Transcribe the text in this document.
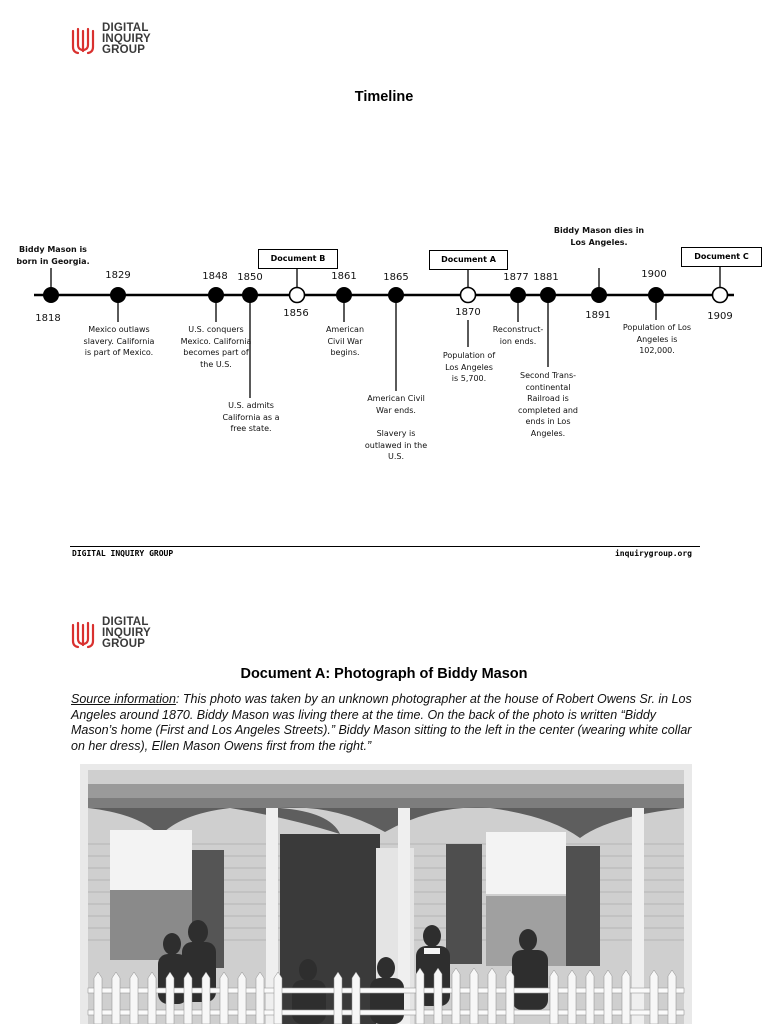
DIGITAL
INQUIRY
GROUP
Timeline
1818
1829	1848 1850
1856
1861	1865
1870
1877 1881
1891
1900
1909
Biddy Mason is born in Georgia.
Mexico outlaws slavery. California is part of Mexico.
U.S. conquers Mexico. California becomes part of the U.S.
U.S. admits California as a free state.
American Civil War begins.
American Civil War ends.
Slavery is outlawed in the U.S.
Population of Los Angeles is 5,700.
Reconstruct-ion ends.
Second Trans-continental Railroad is completed and ends in Los Angeles.
Biddy Mason dies in Los Angeles.
Population of Los Angeles is 102,000.
Document B	Document A	Document C
DIGITAL INQUIRY GROUP	inquirygroup.org
DIGITAL
INQUIRY
GROUP
Document A: Photograph of Biddy Mason
Source information: This photo was taken by an unknown photographer at the house of Robert Owens Sr. in Los Angeles around 1870. Biddy Mason was living there at the time. On the back of the photo is written “Biddy Mason’s home (First and Los Angeles Streets).” Biddy Mason sitting to the left in the center (wearing white collar on her dress), Ellen Mason Owens first from the right.”
